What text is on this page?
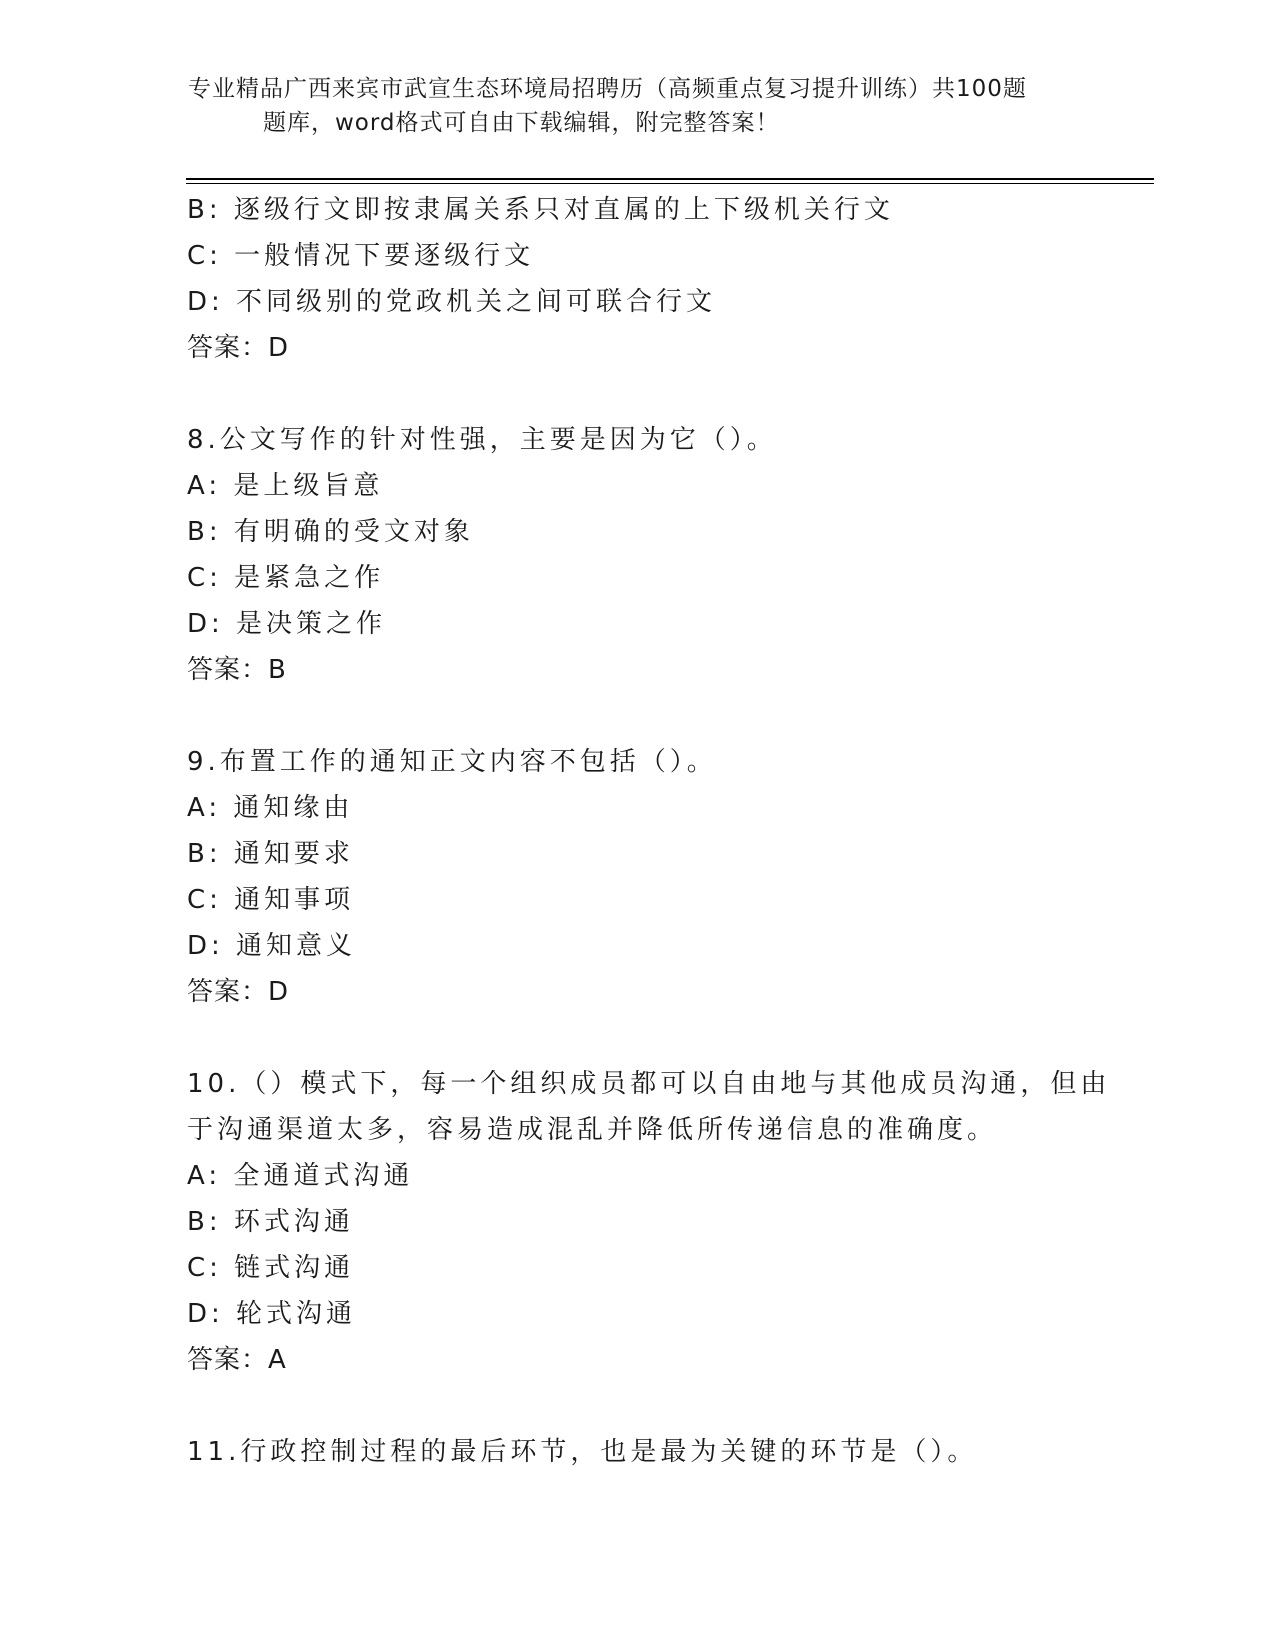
专业精品广西来宾市武宣生态环境局招聘历（高频重点复习提升训练）共100题
题库，word格式可自由下载编辑，附完整答案！
B: 逐级行文即按隶属关系只对直属的上下级机关行文
C: 一般情况下要逐级行文
D: 不同级别的党政机关之间可联合行文
答案：D
8.公文写作的针对性强，主要是因为它（）。
A: 是上级旨意
B: 有明确的受文对象
C: 是紧急之作
D: 是决策之作
答案：B
9.布置工作的通知正文内容不包括（）。
A: 通知缘由
B: 通知要求
C: 通知事项
D: 通知意义
答案：D
10.（）模式下，每一个组织成员都可以自由地与其他成员沟通，但由
于沟通渠道太多，容易造成混乱并降低所传递信息的准确度。
A: 全通道式沟通
B: 环式沟通
C: 链式沟通
D: 轮式沟通
答案：A
11.行政控制过程的最后环节，也是最为关键的环节是（）。
